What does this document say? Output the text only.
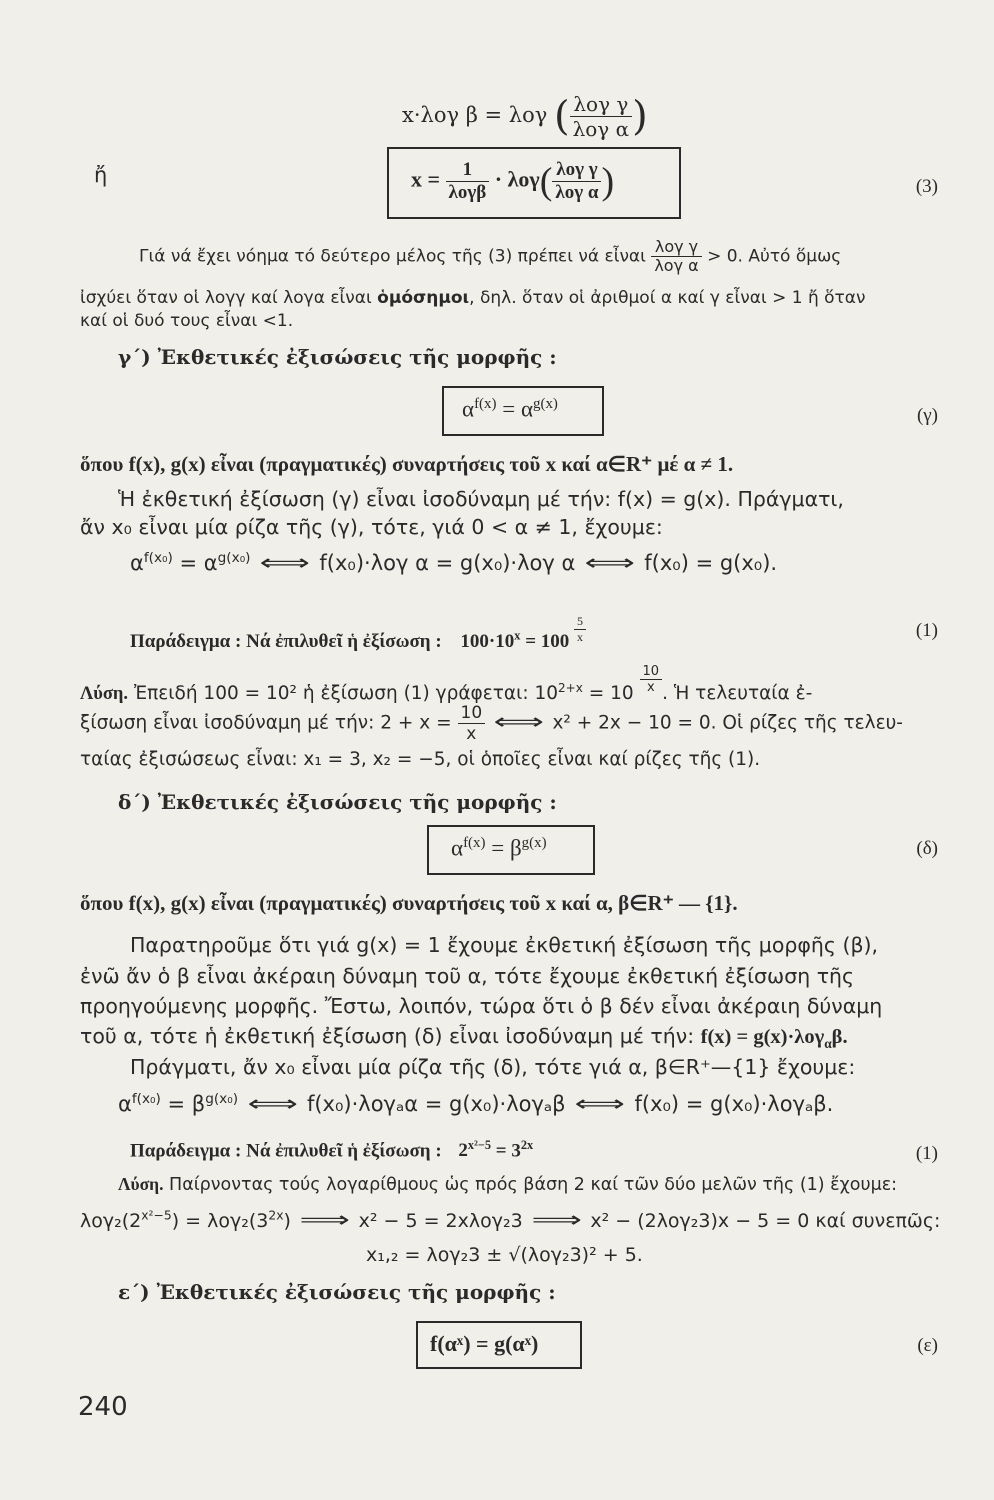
x·λογ β = λογ ( $\frac{\text{λογ γ}}{\text{λογ α}}$ )
ἤ	$x = \frac{1}{\text{λογβ}} \cdot \lambda o\gamma( \frac{\text{λογ γ}}{\text{λογ α}}$ )	(3)
Γιά νά ἔχει νόημα τό δεύτερο μέλος τῆς (3) πρέπει νά εἶναι $\frac{\text{λογ γ}}{\text{λογ α}} > 0$. Αὐτό ὅμως
ἰσχύει ὅταν οἱ λογγ καί λογα εἶναι ὁμόσημοι, δηλ. ὅταν οἱ ἀριθμοί α καί γ εἶναι > 1 ἤ ὅταν
καί οἱ δυό τους εἶναι <1.
γ΄) Ἐκθετικές ἐξισώσεις τῆς μορφῆς :
$\alpha^{f(x)} = \alpha^{g(x)}$
(γ)
ὅπου f(x), g(x) εἶναι (πραγματικές) συναρτήσεις τοῦ x καί α∈R⁺ μέ α ≠ 1.
Ἡ ἐκθετική ἐξίσωση (γ) εἶναι ἰσοδύναμη μέ τήν: f(x) = g(x). Πράγματι,
ἄν x₀ εἶναι μία ρίζα τῆς (γ), τότε, γιά 0 < α ≠ 1, ἔχουμε:
$\alpha^{f(x_0)} = \alpha^{g(x_0)}$ ⟺ f(x₀)·λογ α = g(x₀)·λογ α ⟺ f(x₀) = g(x₀).
Παράδειγμα : Νά ἐπιλυθεῖ ἡ ἐξίσωση : $100\cdot 10^x = 100 \frac{5}{x}$	(1)
Λύση. Ἐπειδή 100 = 10² ἡ ἐξίσωση (1) γράφεται: $10^{2+x} = 10 \frac{10}{x}$ . Ἡ τελευταία ἐ-
ξίσωση εἶναι ἰσοδύναμη μέ τήν: $2 + x = \frac{10}{x}$ ⟺ x² + 2x − 10 = 0. Οἱ ρίζες τῆς τελευ-
ταίας ἐξισώσεως εἶναι: x₁ = 3, x₂ = −5, οἱ ὁποῖες εἶναι καί ρίζες τῆς (1).
δ΄) Ἐκθετικές ἐξισώσεις τῆς μορφῆς :
$\alpha^{f(x)} = \beta^{g(x)}$	(δ)
ὅπου f(x), g(x) εἶναι (πραγματικές) συναρτήσεις τοῦ x καί α, β∈R⁺ — {1}.
Παρατηροῦμε ὅτι γιά g(x) = 1 ἔχουμε ἐκθετική ἐξίσωση τῆς μορφῆς (β),
ἐνῶ ἄν ὁ β εἶναι ἀκέραιη δύναμη τοῦ α, τότε ἔχουμε ἐκθετική ἐξίσωση τῆς
προηγούμενης μορφῆς. Ἔστω, λοιπόν, τώρα ὅτι ὁ β δέν εἶναι ἀκέραιη δύναμη
τοῦ α, τότε ἡ ἐκθετική ἐξίσωση (δ) εἶναι ἰσοδύναμη μέ τήν: f(x) = g(x)·λογ$_\alpha$β.
Πράγματι, ἄν x₀ εἶναι μία ρίζα τῆς (δ), τότε γιά α, β∈R⁺—{1} ἔχουμε:
$\alpha^{f(x_0)} = \beta^{g(x_0)}$ ⟺ f(x₀)·λογₐα = g(x₀)·λογₐβ ⟺ f(x₀) = g(x₀)·λογₐβ.
Παράδειγμα : Νά ἐπιλυθεῖ ἡ ἐξίσωση : $2^{x^2-5} = 3^{2x}$	(1)
Λύση. Παίρνοντας τούς λογαρίθμους ὡς πρός βάση 2 καί τῶν δύο μελῶν τῆς (1) ἔχουμε:
$\lambda o\gamma_2(2^{x^2-5}) = \lambda o\gamma_2(3^{2x})$ ⟹ x² − 5 = 2xλογ₂3 ⟹ x² − (2λογ₂3)x − 5 = 0 καί συνεπῶς:
x₁,₂ = λογ₂3 ± √(λογ₂3)² + 5.
ε΄) Ἐκθετικές ἐξισώσεις τῆς μορφῆς :
f(αˣ) = g(αˣ)	(ε)
240
